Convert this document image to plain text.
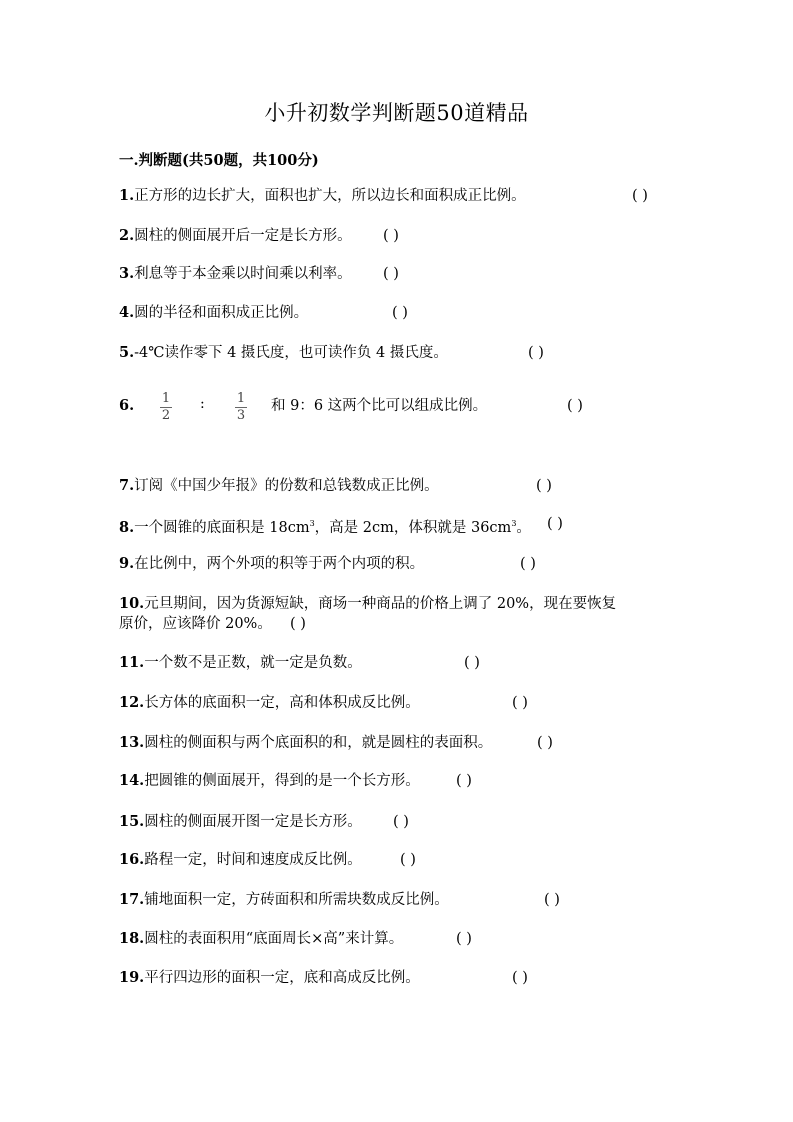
小升初数学判断题50道精品
一.判断题(共50题，共100分)
1.正方形的边长扩大，面积也扩大，所以边长和面积成正比例。	( )
2.圆柱的侧面展开后一定是长方形。 ( )
3.利息等于本金乘以时间乘以利率。 ( )
4.圆的半径和面积成正比例。	( )
5.-4℃读作零下 4 摄氏度，也可读作负 4 摄氏度。	( )
6. 1
2
: 1
3
和 9：6 这两个比可以组成比例。	( )
7.订阅《中国少年报》的份数和总钱数成正比例。	( )
8.一个圆锥的底面积是 $18cm^3$，高是 2cm，体积就是 $36cm^3$。 ( )
9.在比例中，两个外项的积等于两个内项的积。	( )
10.元旦期间，因为货源短缺，商场一种商品的价格上调了 20%，现在要恢复
原价，应该降价 20%。 ( )
11.一个数不是正数，就一定是负数。	( )
12.长方体的底面积一定，高和体积成反比例。	( )
13.圆柱的侧面积与两个底面积的和，就是圆柱的表面积。	( )
14.把圆锥的侧面展开，得到的是一个长方形。	( )
15.圆柱的侧面展开图一定是长方形。 ( )
16.路程一定，时间和速度成反比例。	( )
17.铺地面积一定，方砖面积和所需块数成反比例。	( )
18.圆柱的表面积用“底面周长×高”来计算。	( )
19.平行四边形的面积一定，底和高成反比例。	( )
